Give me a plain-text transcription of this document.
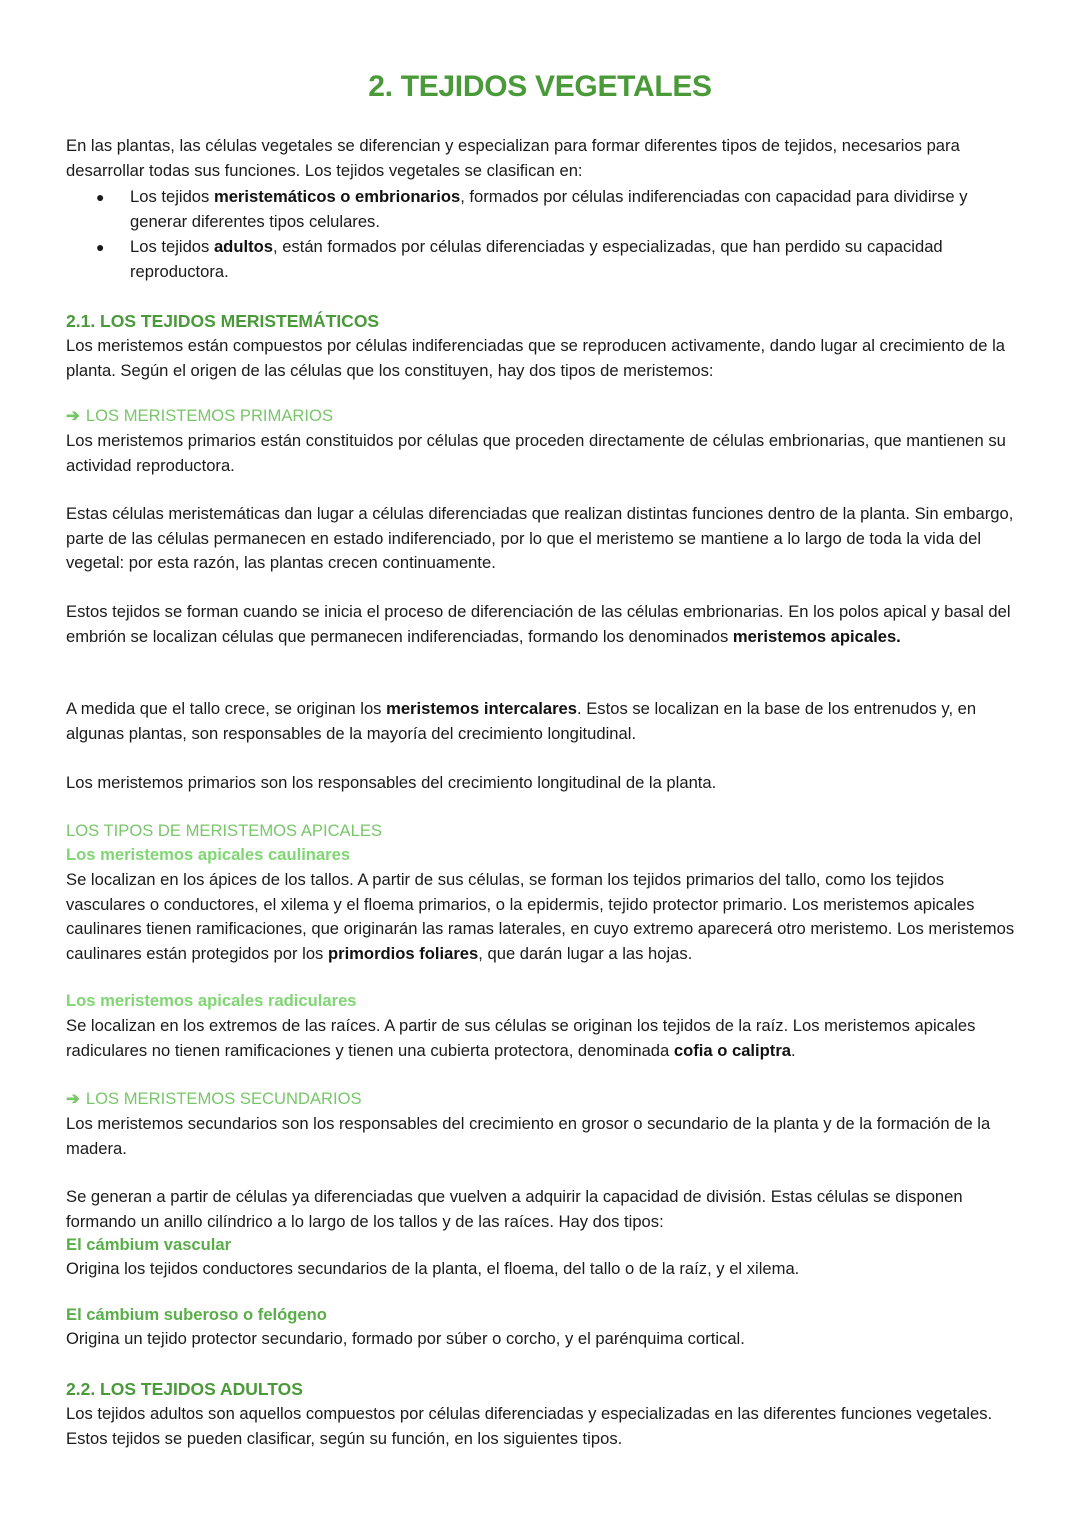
2. TEJIDOS VEGETALES

En las plantas, las células vegetales se diferencian y especializan para formar diferentes tipos de tejidos, necesarios para desarrollar todas sus funciones. Los tejidos vegetales se clasifican en:

● Los tejidos meristemáticos o embrionarios, formados por células indiferenciadas con capacidad para dividirse y generar diferentes tipos celulares.
● Los tejidos adultos, están formados por células diferenciadas y especializadas, que han perdido su capacidad reproductora.
2.1. LOS TEJIDOS MERISTEMÁTICOS

Los meristemos están compuestos por células indiferenciadas que se reproducen activamente, dando lugar al crecimiento de la planta. Según el origen de las células que los constituyen, hay dos tipos de meristemos:

➔ LOS MERISTEMOS PRIMARIOS

Los meristemos primarios están constituidos por células que proceden directamente de células embrionarias, que mantienen su actividad reproductora.

Estas células meristemáticas dan lugar a células diferenciadas que realizan distintas funciones dentro de la planta. Sin embargo, parte de las células permanecen en estado indiferenciado, por lo que el meristemo se mantiene a lo largo de toda la vida del vegetal: por esta razón, las plantas crecen continuamente.

Estos tejidos se forman cuando se inicia el proceso de diferenciación de las células embrionarias. En los polos apical y basal del embrión se localizan células que permanecen indiferenciadas, formando los denominados meristemos apicales.

A medida que el tallo crece, se originan los meristemos intercalares. Estos se localizan en la base de los entrenudos y, en algunas plantas, son responsables de la mayoría del crecimiento longitudinal.

Los meristemos primarios son los responsables del crecimiento longitudinal de la planta.

LOS TIPOS DE MERISTEMOS APICALES
Los meristemos apicales caulinares

Se localizan en los ápices de los tallos. A partir de sus células, se forman los tejidos primarios del tallo, como los tejidos vasculares o conductores, el xilema y el floema primarios, o la epidermis, tejido protector primario. Los meristemos apicales caulinares tienen ramificaciones, que originarán las ramas laterales, en cuyo extremo aparecerá otro meristemo. Los meristemos caulinares están protegidos por los primordios foliares, que darán lugar a las hojas.

Los meristemos apicales radiculares

Se localizan en los extremos de las raíces. A partir de sus células se originan los tejidos de la raíz. Los meristemos apicales radiculares no tienen ramificaciones y tienen una cubierta protectora, denominada cofia o caliptra.

➔ LOS MERISTEMOS SECUNDARIOS

Los meristemos secundarios son los responsables del crecimiento en grosor o secundario de la planta y de la formación de la madera.

Se generan a partir de células ya diferenciadas que vuelven a adquirir la capacidad de división. Estas células se disponen formando un anillo cilíndrico a lo largo de los tallos y de las raíces. Hay dos tipos:

El cámbium vascular

Origina los tejidos conductores secundarios de la planta, el floema, del tallo o de la raíz, y el xilema.

El cámbium suberoso o felógeno

Origina un tejido protector secundario, formado por súber o corcho, y el parénquima cortical.

2.2. LOS TEJIDOS ADULTOS

Los tejidos adultos son aquellos compuestos por células diferenciadas y especializadas en las diferentes funciones vegetales. Estos tejidos se pueden clasificar, según su función, en los siguientes tipos.
